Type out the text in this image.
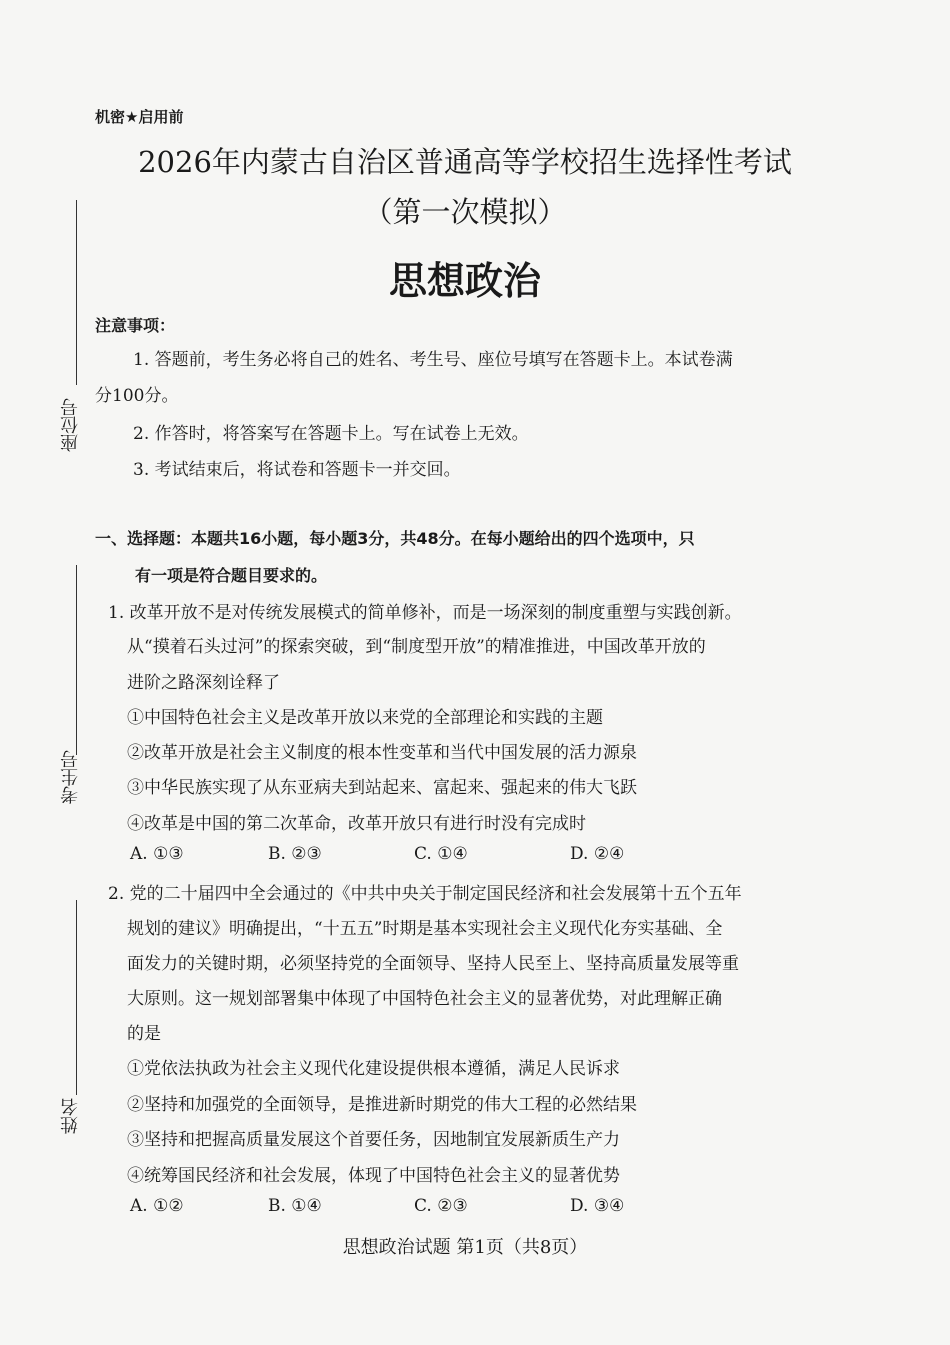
座位号
考生号
姓名
机密★启用前
2026年内蒙古自治区普通高等学校招生选择性考试
（第一次模拟）
思想政治
注意事项：
1. 答题前，考生务必将自己的姓名、考生号、座位号填写在答题卡上。本试卷满
分100分。
2. 作答时，将答案写在答题卡上。写在试卷上无效。
3. 考试结束后，将试卷和答题卡一并交回。
一、选择题：本题共16小题，每小题3分，共48分。在每小题给出的四个选项中，只
有一项是符合题目要求的。
1. 改革开放不是对传统发展模式的简单修补，而是一场深刻的制度重塑与实践创新。
从“摸着石头过河”的探索突破，到“制度型开放”的精准推进，中国改革开放的
进阶之路深刻诠释了
①中国特色社会主义是改革开放以来党的全部理论和实践的主题
②改革开放是社会主义制度的根本性变革和当代中国发展的活力源泉
③中华民族实现了从东亚病夫到站起来、富起来、强起来的伟大飞跃
④改革是中国的第二次革命，改革开放只有进行时没有完成时
A. ①③	B. ②③	C. ①④	D. ②④
2. 党的二十届四中全会通过的《中共中央关于制定国民经济和社会发展第十五个五年
规划的建议》明确提出，“十五五”时期是基本实现社会主义现代化夯实基础、全
面发力的关键时期，必须坚持党的全面领导、坚持人民至上、坚持高质量发展等重
大原则。这一规划部署集中体现了中国特色社会主义的显著优势，对此理解正确
的是
①党依法执政为社会主义现代化建设提供根本遵循，满足人民诉求
②坚持和加强党的全面领导，是推进新时期党的伟大工程的必然结果
③坚持和把握高质量发展这个首要任务，因地制宜发展新质生产力
④统筹国民经济和社会发展，体现了中国特色社会主义的显著优势
A. ①②	B. ①④	C. ②③	D. ③④
思想政治试题 第1页（共8页）
